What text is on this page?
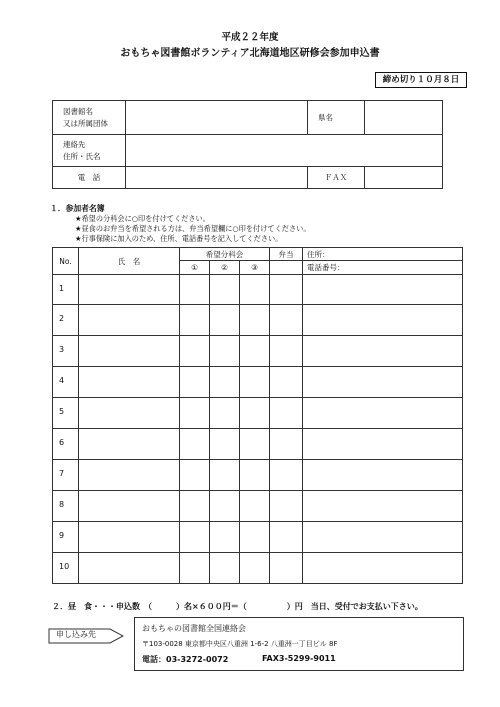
平成２２年度
おもちゃ図書館ボランティア北海道地区研修会参加申込書
締め切り１０月８日
図書館名
又は所属団体		県名	

連絡先
住所・氏名			

電　話		ＦＡＸ	
１．参加者名簿
★希望の分科会に○印を付けてください。
★昼食のお弁当を希望される方は、弁当希望欄に○印を付けてください。
★行事保険に加入のため、住所、電話番号を記入してください。
No.	氏　名	希望分科会			弁当	住所：
		①	②	③		電話番号：
1						
2						
3						
4						
5						
6						
7						
8						
9						
10						
２．昼　食・・・申込数　（　　　）名×６００円＝（　　　　　）円　当日、受付でお支払い下さい。
申し込み先
おもちゃの図書館全国連絡会
〒103-0028 東京都中央区八重洲 1-6-2 八重洲一丁目ビル 8F
電話：03-3272-0072	FAX3-5299-9011
